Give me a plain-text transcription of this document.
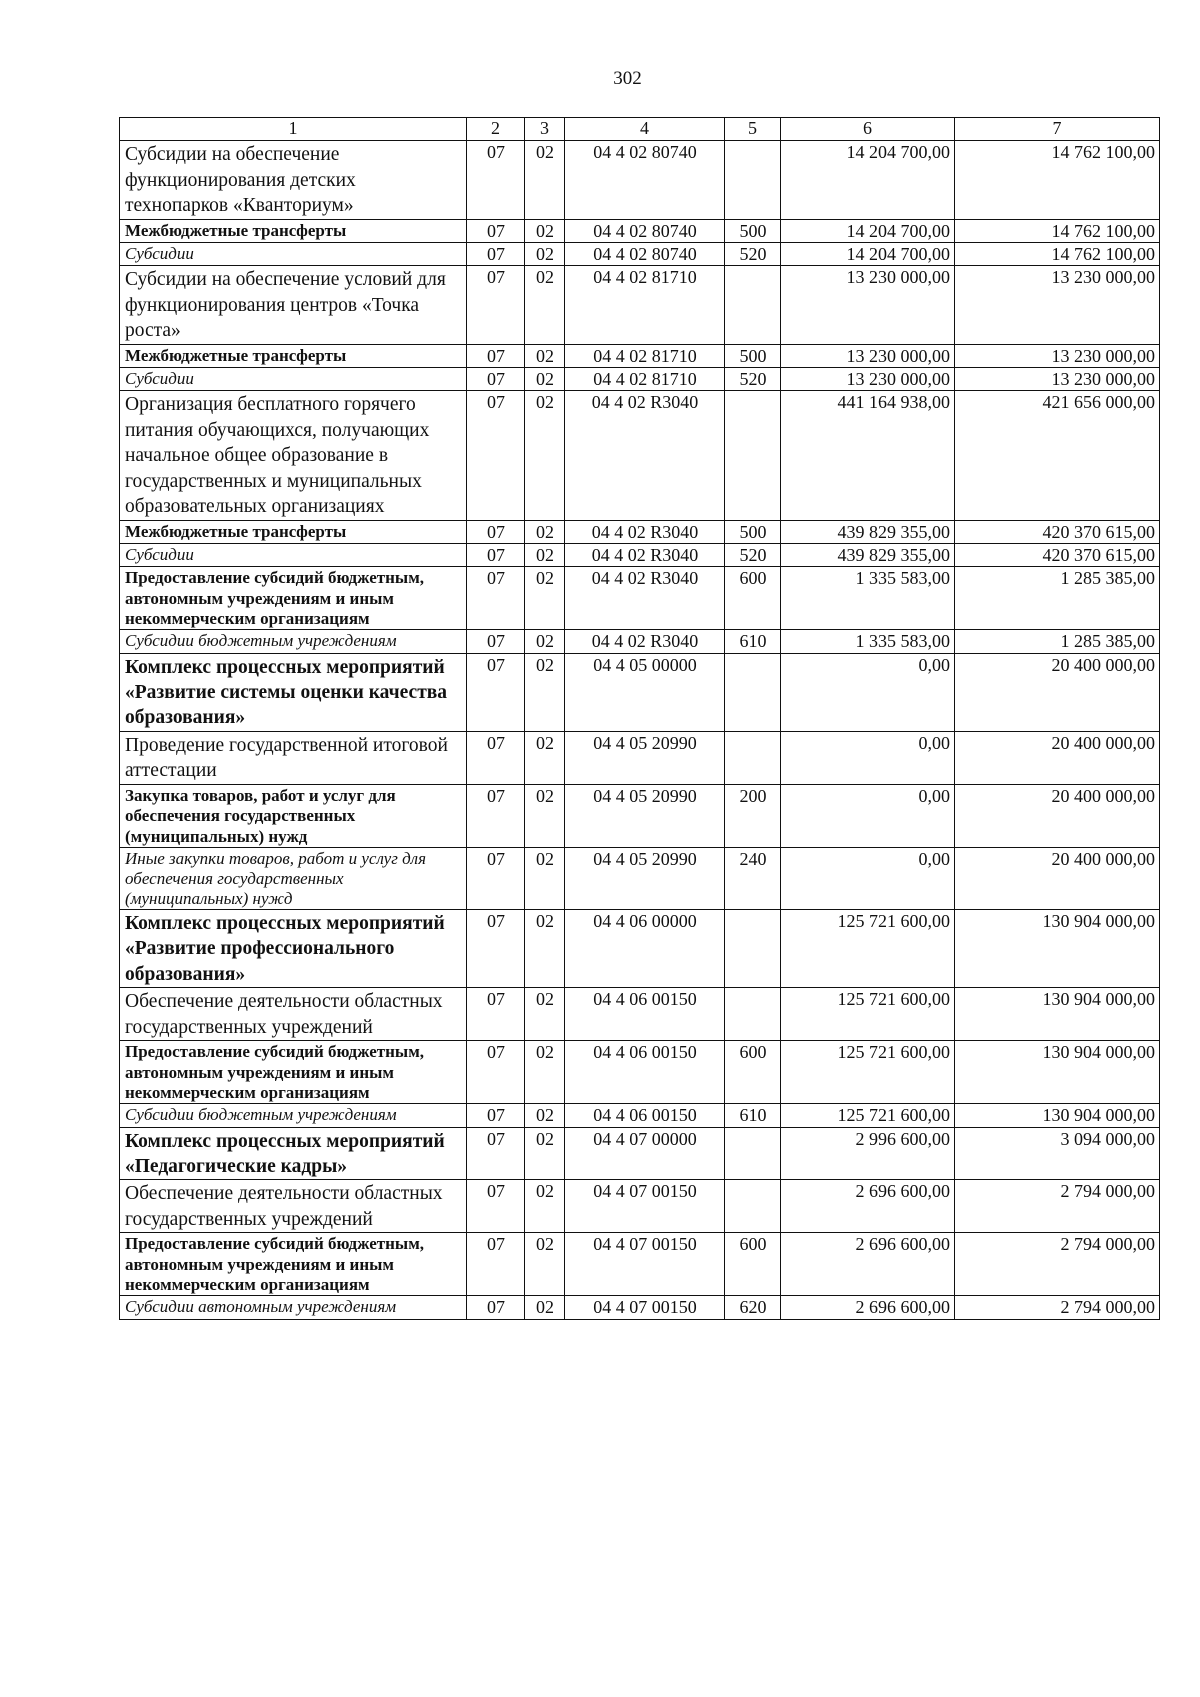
302
1	2	3	4	5	6	7
Субсидии на обеспечение функционирования детских технопарков «Кванториум»	07	02	04 4 02 80740		14 204 700,00	14 762 100,00
Межбюджетные трансферты	07	02	04 4 02 80740	500	14 204 700,00	14 762 100,00
Субсидии	07	02	04 4 02 80740	520	14 204 700,00	14 762 100,00
Субсидии на обеспечение условий для функционирования центров «Точка роста»	07	02	04 4 02 81710		13 230 000,00	13 230 000,00
Межбюджетные трансферты	07	02	04 4 02 81710	500	13 230 000,00	13 230 000,00
Субсидии	07	02	04 4 02 81710	520	13 230 000,00	13 230 000,00
Организация бесплатного горячего питания обучающихся, получающих начальное общее образование в государственных и муниципальных образовательных организациях	07	02	04 4 02 R3040		441 164 938,00	421 656 000,00
Межбюджетные трансферты	07	02	04 4 02 R3040	500	439 829 355,00	420 370 615,00
Субсидии	07	02	04 4 02 R3040	520	439 829 355,00	420 370 615,00
Предоставление субсидий бюджетным, автономным учреждениям и иным некоммерческим организациям	07	02	04 4 02 R3040	600	1 335 583,00	1 285 385,00
Субсидии бюджетным учреждениям	07	02	04 4 02 R3040	610	1 335 583,00	1 285 385,00
Комплекс процессных мероприятий «Развитие системы оценки качества образования»	07	02	04 4 05 00000		0,00	20 400 000,00
Проведение государственной итоговой аттестации	07	02	04 4 05 20990		0,00	20 400 000,00
Закупка товаров, работ и услуг для обеспечения государственных (муниципальных) нужд	07	02	04 4 05 20990	200	0,00	20 400 000,00
Иные закупки товаров, работ и услуг для обеспечения государственных (муниципальных) нужд	07	02	04 4 05 20990	240	0,00	20 400 000,00
Комплекс процессных мероприятий «Развитие профессионального образования»	07	02	04 4 06 00000		125 721 600,00	130 904 000,00
Обеспечение деятельности областных государственных учреждений	07	02	04 4 06 00150		125 721 600,00	130 904 000,00
Предоставление субсидий бюджетным, автономным учреждениям и иным некоммерческим организациям	07	02	04 4 06 00150	600	125 721 600,00	130 904 000,00
Субсидии бюджетным учреждениям	07	02	04 4 06 00150	610	125 721 600,00	130 904 000,00
Комплекс процессных мероприятий «Педагогические кадры»	07	02	04 4 07 00000		2 996 600,00	3 094 000,00
Обеспечение деятельности областных государственных учреждений	07	02	04 4 07 00150		2 696 600,00	2 794 000,00
Предоставление субсидий бюджетным, автономным учреждениям и иным некоммерческим организациям	07	02	04 4 07 00150	600	2 696 600,00	2 794 000,00
Субсидии автономным учреждениям	07	02	04 4 07 00150	620	2 696 600,00	2 794 000,00
